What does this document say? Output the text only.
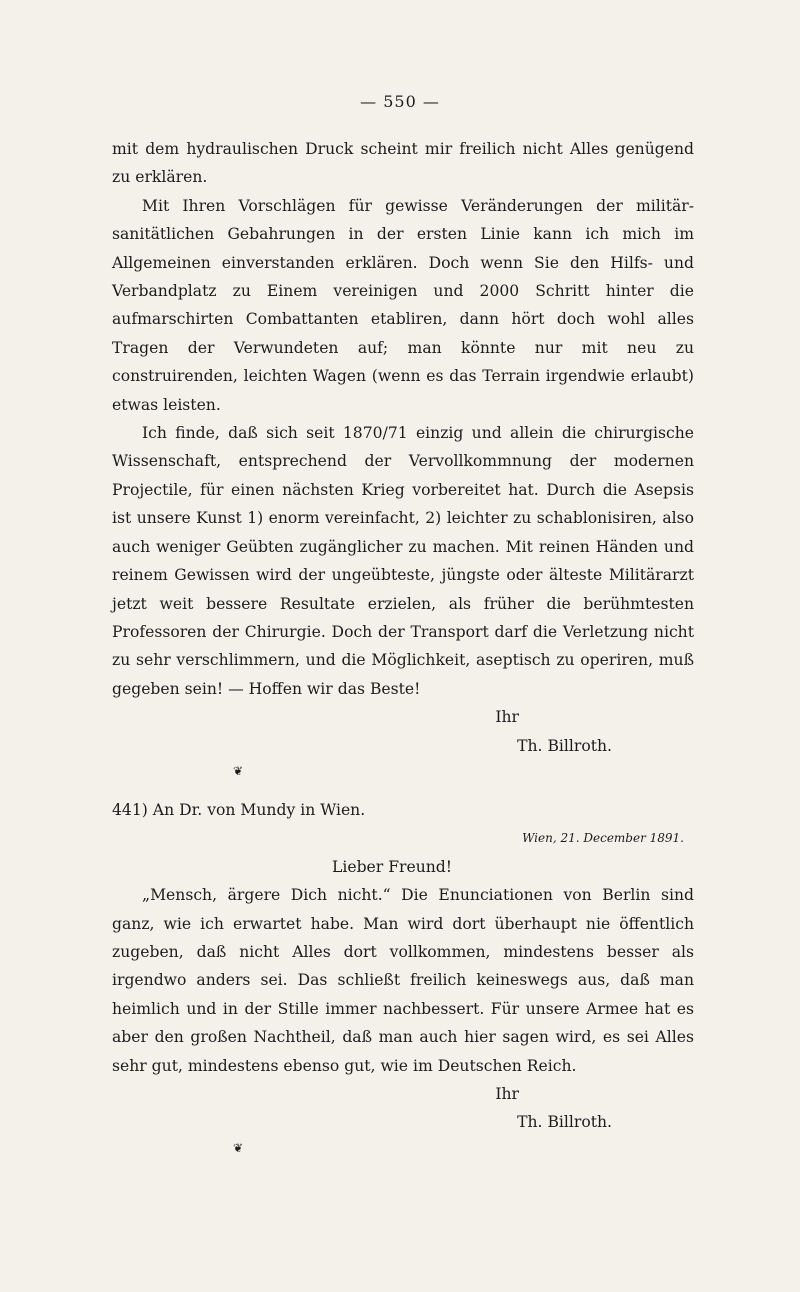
— 550 —

mit dem hydraulischen Druck scheint mir freilich nicht Alles genügend zu erklären.

Mit Ihren Vorschlägen für gewisse Veränderungen der militär-sanitätlichen Gebahrungen in der ersten Linie kann ich mich im Allgemeinen einverstanden erklären. Doch wenn Sie den Hilfs- und Verbandplatz zu Einem vereinigen und 2000 Schritt hinter die aufmarschirten Combattanten etabliren, dann hört doch wohl alles Tragen der Verwundeten auf; man könnte nur mit neu zu construirenden, leichten Wagen (wenn es das Terrain irgendwie erlaubt) etwas leisten.

Ich finde, daß sich seit 1870/71 einzig und allein die chirurgische Wissenschaft, entsprechend der Vervollkommnung der modernen Projectile, für einen nächsten Krieg vorbereitet hat. Durch die Asepsis ist unsere Kunst 1) enorm vereinfacht, 2) leichter zu schablonisiren, also auch weniger Geübten zugänglicher zu machen. Mit reinen Händen und reinem Gewissen wird der ungeübteste, jüngste oder älteste Militärarzt jetzt weit bessere Resultate erzielen, als früher die berühmtesten Professoren der Chirurgie. Doch der Transport darf die Verletzung nicht zu sehr verschlimmern, und die Möglichkeit, aseptisch zu operiren, muß gegeben sein! — Hoffen wir das Beste!

Ihr

Th. Billroth.

❦

441) An Dr. von Mundy in Wien.

Wien, 21. December 1891.

Lieber Freund!

„Mensch, ärgere Dich nicht.“ Die Enunciationen von Berlin sind ganz, wie ich erwartet habe. Man wird dort überhaupt nie öffentlich zugeben, daß nicht Alles dort vollkommen, mindestens besser als irgendwo anders sei. Das schließt freilich keineswegs aus, daß man heimlich und in der Stille immer nachbessert. Für unsere Armee hat es aber den großen Nachtheil, daß man auch hier sagen wird, es sei Alles sehr gut, mindestens ebenso gut, wie im Deutschen Reich.

Ihr

Th. Billroth.

❦
